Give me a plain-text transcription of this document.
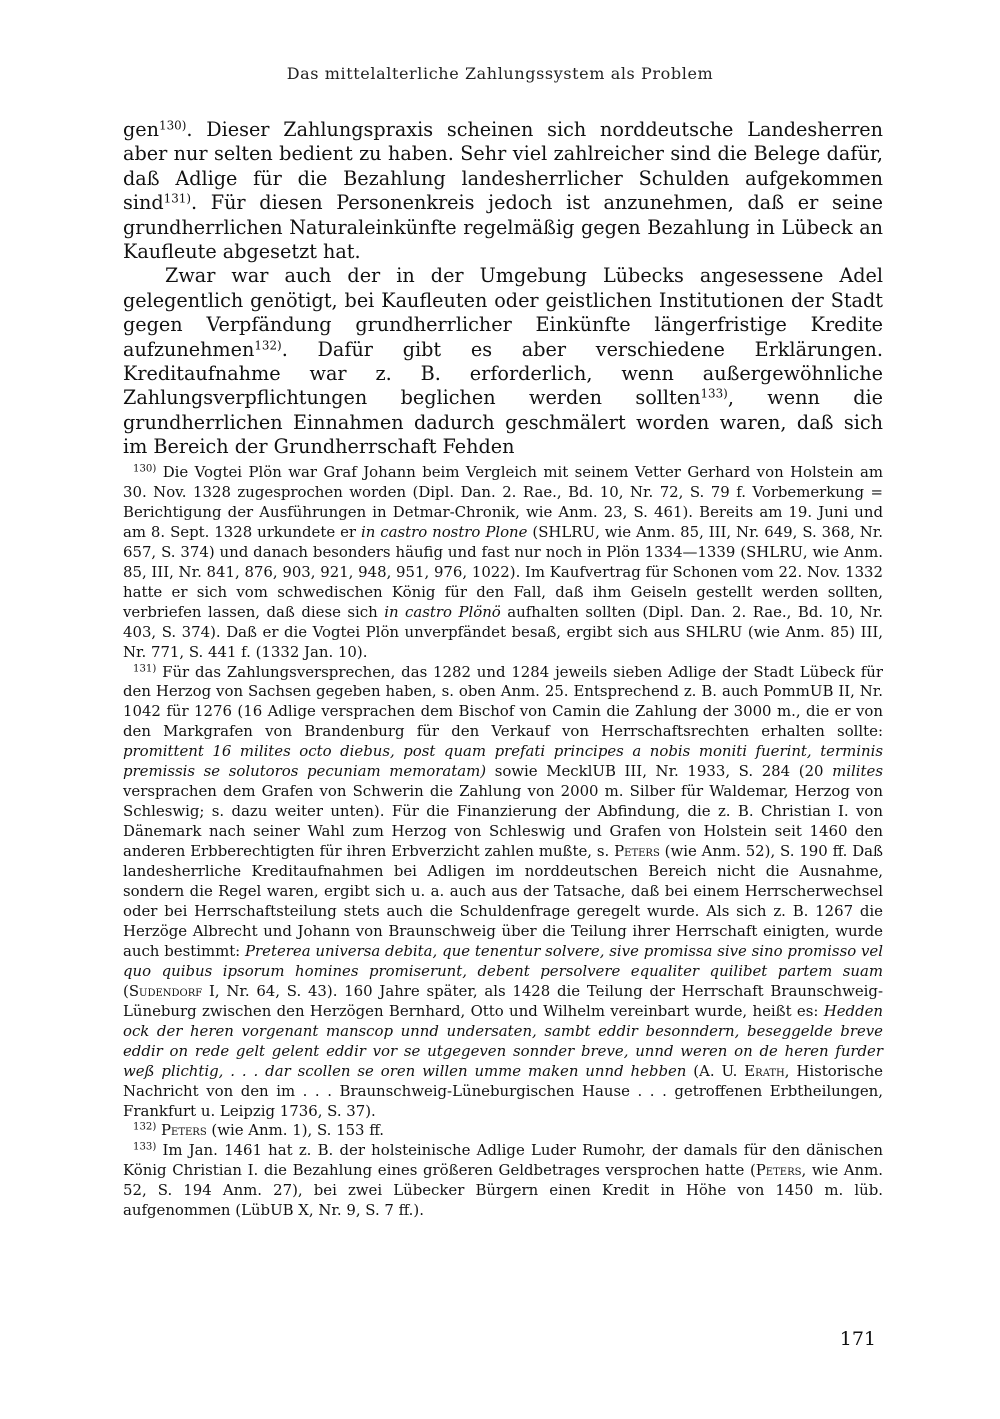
Das mittelalterliche Zahlungssystem als Problem

gen$^{130)}$. Dieser Zahlungspraxis scheinen sich norddeutsche Landesherren aber nur selten bedient zu haben. Sehr viel zahlreicher sind die Belege dafür, daß Adlige für die Bezahlung landesherrlicher Schulden aufgekommen sind$^{131)}$. Für diesen Personenkreis jedoch ist anzunehmen, daß er seine grundherrlichen Naturaleinkünfte regelmäßig gegen Bezahlung in Lübeck an Kaufleute abgesetzt hat.

Zwar war auch der in der Umgebung Lübecks angesessene Adel gelegentlich genötigt, bei Kaufleuten oder geistlichen Institutionen der Stadt gegen Verpfändung grundherrlicher Einkünfte längerfristige Kredite aufzunehmen$^{132)}$. Dafür gibt es aber verschiedene Erklärungen. Kreditaufnahme war z. B. erforderlich, wenn außergewöhnliche Zahlungsverpflichtungen beglichen werden sollten$^{133)}$, wenn die grundherrlichen Einnahmen dadurch geschmälert worden waren, daß sich im Bereich der Grundherrschaft Fehden

$^{130)}$ Die Vogtei Plön war Graf Johann beim Vergleich mit seinem Vetter Gerhard von Holstein am 30. Nov. 1328 zugesprochen worden (Dipl. Dan. 2. Rae., Bd. 10, Nr. 72, S. 79 f. Vorbemerkung = Berichtigung der Ausführungen in Detmar-Chronik, wie Anm. 23, S. 461). Bereits am 19. Juni und am 8. Sept. 1328 urkundete er in castro nostro Plone (SHLRU, wie Anm. 85, III, Nr. 649, S. 368, Nr. 657, S. 374) und danach besonders häufig und fast nur noch in Plön 1334—1339 (SHLRU, wie Anm. 85, III, Nr. 841, 876, 903, 921, 948, 951, 976, 1022). Im Kaufvertrag für Schonen vom 22. Nov. 1332 hatte er sich vom schwedischen König für den Fall, daß ihm Geiseln gestellt werden sollten, verbriefen lassen, daß diese sich in castro Plönö aufhalten sollten (Dipl. Dan. 2. Rae., Bd. 10, Nr. 403, S. 374). Daß er die Vogtei Plön unverpfändet besaß, ergibt sich aus SHLRU (wie Anm. 85) III, Nr. 771, S. 441 f. (1332 Jan. 10).

$^{131)}$ Für das Zahlungsversprechen, das 1282 und 1284 jeweils sieben Adlige der Stadt Lübeck für den Herzog von Sachsen gegeben haben, s. oben Anm. 25. Entsprechend z. B. auch PommUB II, Nr. 1042 für 1276 (16 Adlige versprachen dem Bischof von Camin die Zahlung der 3000 m., die er von den Markgrafen von Brandenburg für den Verkauf von Herrschaftsrechten erhalten sollte: promittent 16 milites octo diebus, post quam prefati principes a nobis moniti fuerint, terminis premissis se solutoros pecuniam memoratam) sowie MecklUB III, Nr. 1933, S. 284 (20 milites versprachen dem Grafen von Schwerin die Zahlung von 2000 m. Silber für Waldemar, Herzog von Schleswig; s. dazu weiter unten). Für die Finanzierung der Abfindung, die z. B. Christian I. von Dänemark nach seiner Wahl zum Herzog von Schleswig und Grafen von Holstein seit 1460 den anderen Erbberechtigten für ihren Erbverzicht zahlen mußte, s. Peters (wie Anm. 52), S. 190 ff. Daß landesherrliche Kreditaufnahmen bei Adligen im norddeutschen Bereich nicht die Ausnahme, sondern die Regel waren, ergibt sich u. a. auch aus der Tatsache, daß bei einem Herrscherwechsel oder bei Herrschaftsteilung stets auch die Schuldenfrage geregelt wurde. Als sich z. B. 1267 die Herzöge Albrecht und Johann von Braunschweig über die Teilung ihrer Herrschaft einigten, wurde auch bestimmt: Preterea universa debita, que tenentur solvere, sive promissa sive sino promisso vel quo quibus ipsorum homines promiserunt, debent persolvere equaliter quilibet partem suam (Sudendorf I, Nr. 64, S. 43). 160 Jahre später, als 1428 die Teilung der Herrschaft Braunschweig-Lüneburg zwischen den Herzögen Bernhard, Otto und Wilhelm vereinbart wurde, heißt es: Hedden ock der heren vorgenant manscop unnd undersaten, sambt eddir besonndern, beseggelde breve eddir on rede gelt gelent eddir vor se utgegeven sonnder breve, unnd weren on de heren furder weß plichtig, . . . dar scollen se oren willen umme maken unnd hebben (A. U. Erath, Historische Nachricht von den im . . . Braunschweig-Lüneburgischen Hause . . . getroffenen Erbtheilungen, Frankfurt u. Leipzig 1736, S. 37).

$^{132)}$ Peters (wie Anm. 1), S. 153 ff.

$^{133)}$ Im Jan. 1461 hat z. B. der holsteinische Adlige Luder Rumohr, der damals für den dänischen König Christian I. die Bezahlung eines größeren Geldbetrages versprochen hatte (Peters, wie Anm. 52, S. 194 Anm. 27), bei zwei Lübecker Bürgern einen Kredit in Höhe von 1450 m. lüb. aufgenommen (LübUB X, Nr. 9, S. 7 ff.).

171
